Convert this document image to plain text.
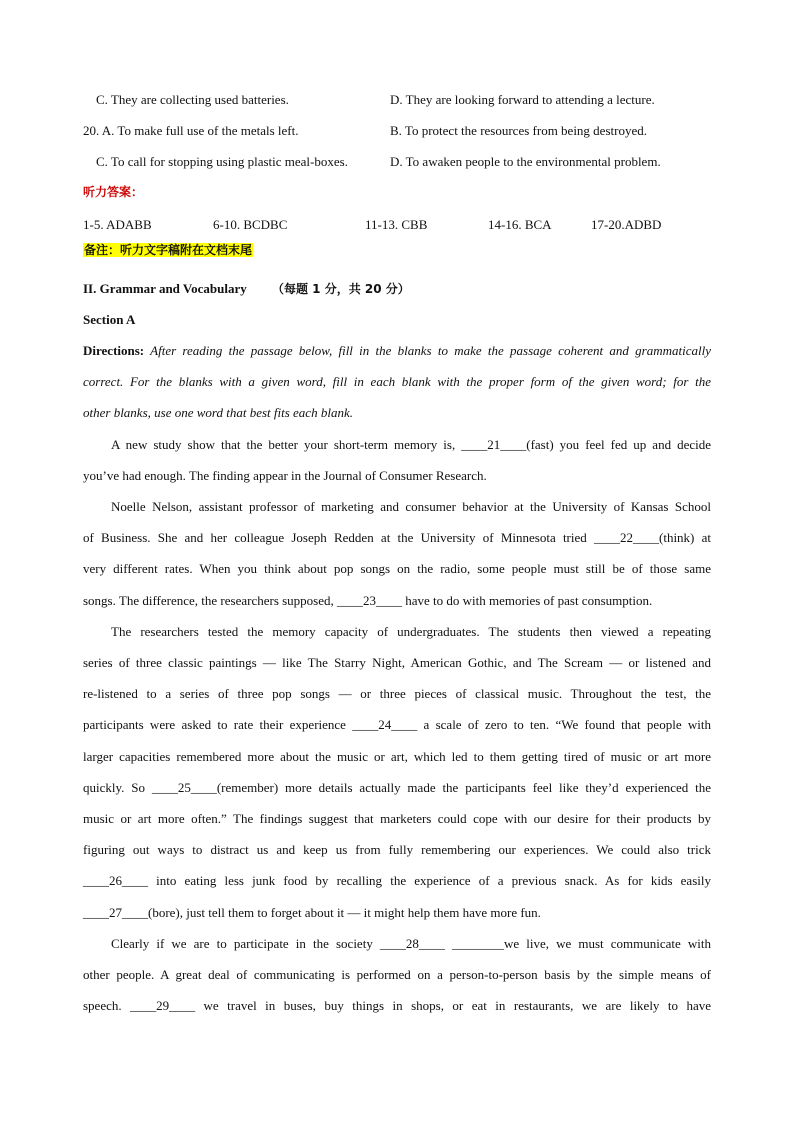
C. They are collecting used batteries.	D. They are looking forward to attending a lecture.
20. A. To make full use of the metals left.	B. To protect the resources from being destroyed.
C. To call for stopping using plastic meal-boxes.	D. To awaken people to the environmental problem.
听力答案：
1-5. ADABB	6-10. BCDBC	11-13. CBB	14-16. BCA	17-20.ADBD
备注：听力文字稿附在文档末尾
II. Grammar and Vocabulary （每题 1 分，共 20 分）
Section A
Directions: After reading the passage below, fill in the blanks to make the passage coherent and grammatically
correct. For the blanks with a given word, fill in each blank with the proper form of the given word; for the
other blanks, use one word that best fits each blank.
A new study show that the better your short-term memory is, ____21____(fast) you feel fed up and decide
you’ve had enough. The finding appear in the Journal of Consumer Research.
Noelle Nelson, assistant professor of marketing and consumer behavior at the University of Kansas School
of Business. She and her colleague Joseph Redden at the University of Minnesota tried ____22____(think) at
very different rates. When you think about pop songs on the radio, some people must still be of those same
songs. The difference, the researchers supposed, ____23____ have to do with memories of past consumption.
The researchers tested the memory capacity of undergraduates. The students then viewed a repeating
series of three classic paintings — like The Starry Night, American Gothic, and The Scream — or listened and
re-listened to a series of three pop songs — or three pieces of classical music. Throughout the test, the
participants were asked to rate their experience ____24____ a scale of zero to ten. “We found that people with
larger capacities remembered more about the music or art, which led to them getting tired of music or art more
quickly. So ____25____(remember) more details actually made the participants feel like they’d experienced the
music or art more often.” The findings suggest that marketers could cope with our desire for their products by
figuring out ways to distract us and keep us from fully remembering our experiences. We could also trick
____26____ into eating less junk food by recalling the experience of a previous snack. As for kids easily
____27____(bore), just tell them to forget about it — it might help them have more fun.
Clearly if we are to participate in the society ____28____ ________we live, we must communicate with
other people. A great deal of communicating is performed on a person-to-person basis by the simple means of
speech. ____29____ we travel in buses, buy things in shops, or eat in restaurants, we are likely to have
